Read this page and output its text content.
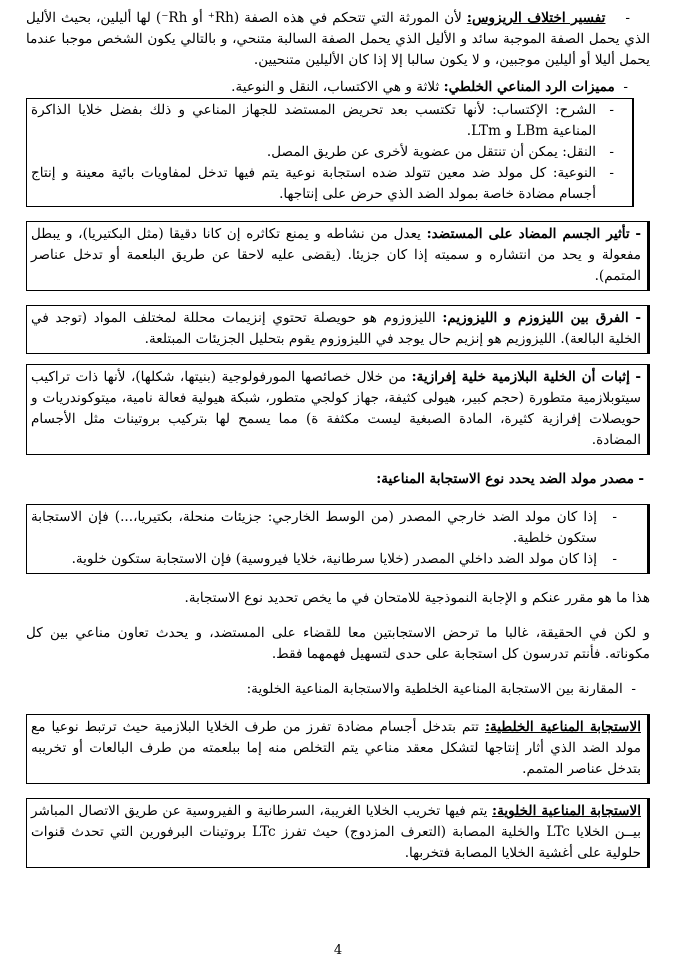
-    تفسير اختلاف الريزوس: لأن المورثة التي تتحكم في هذه الصفة (Rh⁺ أو Rh⁻) لها أليلين، بحيث الأليل الذي يحمل الصفة الموجبة سائد و الأليل الذي يحمل الصفة السالبة متنحي، و بالتالي يكون الشخص موجبا عندما يحمل أليلا أو أليلين موجبين، و لا يكون سالبا إلا إذا كان الأليلين متنحيين.
-  مميزات الرد المناعي الخلطي: ثلاثة و هي الاكتساب، النقل و النوعية.
- الشرح: الإكتساب: لأنها تكتسب بعد تحريض المستضد للجهاز المناعي و ذلك بفضل خلايا الذاكرة المناعية LBm و LTm.
- النقل: يمكن أن تنتقل من عضوية لأخرى عن طريق المصل.
- النوعية: كل مولد ضد معين تتولد ضده استجابة نوعية يتم فيها تدخل لمفاويات بائية معينة و إنتاج أجسام مضادة خاصة بمولد الضد الذي حرض على إنتاجها.
- تأثير الجسم المضاد على المستضد: يعدل من نشاطه و يمنع تكاثره إن كانا دقيقا (مثل البكتيريا)، و يبطل مفعولة و يحد من انتشاره و سميته إذا كان جزيئا. (يقضى عليه لاحقا عن طريق البلعمة أو تدخل عناصر المتمم).
- الفرق بين الليزوزم و الليزوزيم: الليزوزوم هو حويصلة تحتوي إنزيمات محللة لمختلف المواد (توجد في الخلية البالعة). الليزوزيم هو إنزيم حال يوجد في الليزوزوم يقوم بتحليل الجزيئات المبتلعة.
- إثبات أن الخلية البلازمية خلية إفرازية: من خلال خصائصها المورفولوجية (بنيتها، شكلها)، لأنها ذات تراكيب سيتوبلازمية متطورة (حجم كبير، هيولى كثيفة، جهاز كولجي متطور، شبكة هيولية فعالة نامية، ميتوكوندريات و حويصلات إفرازية كثيرة، المادة الصبغية ليست مكثفة ة) مما يسمح لها بتركيب بروتينات مثل الأجسام المضادة.
- مصدر مولد الضد يحدد نوع الاستجابة المناعية:
- إذا كان مولد الضد خارجي المصدر (من الوسط الخارجي: جزيئات منحلة، بكتيريا،...) فإن الاستجابة ستكون خلطية.
- إذا كان مولد الضد داخلي المصدر (خلايا سرطانية، خلايا فيروسية) فإن الاستجابة ستكون خلوية.
هذا ما هو مقرر عنكم و الإجابة النموذجية للامتحان في ما يخص تحديد نوع الاستجابة.
و لكن في الحقيقة، غالبا ما ترحض الاستجابتين معا للقضاء على المستضد، و يحدث تعاون مناعي بين كل مكوناته. فأنتم تدرسون كل استجابة على حدى لتسهيل فهمهما فقط.
-  المقارنة بين الاستجابة المناعية الخلطية والاستجابة المناعية الخلوية:
الاستجابة المناعية الخلطية: تتم بتدخل أجسام مضادة تفرز من طرف الخلايا البلازمية حيث ترتبط نوعيا مع مولد الضد الذي أثار إنتاجها لتشكل معقد مناعي يتم التخلص منه إما ببلعمته من طرف البالعات أو تخريبه بتدخل عناصر المتمم.
الاستجابة المناعية الخلوية: يتم فيها تخريب الخلايا الغريبة، السرطانية و الفيروسية عن طريق الاتصال المباشر بيــن الخلايا LTc والخلية المصابة (التعرف المزدوج) حيث تفرز LTc بروتينات البرفورين التي تحدث قنوات حلولية على أغشية الخلايا المصابة فتخربها.
4
